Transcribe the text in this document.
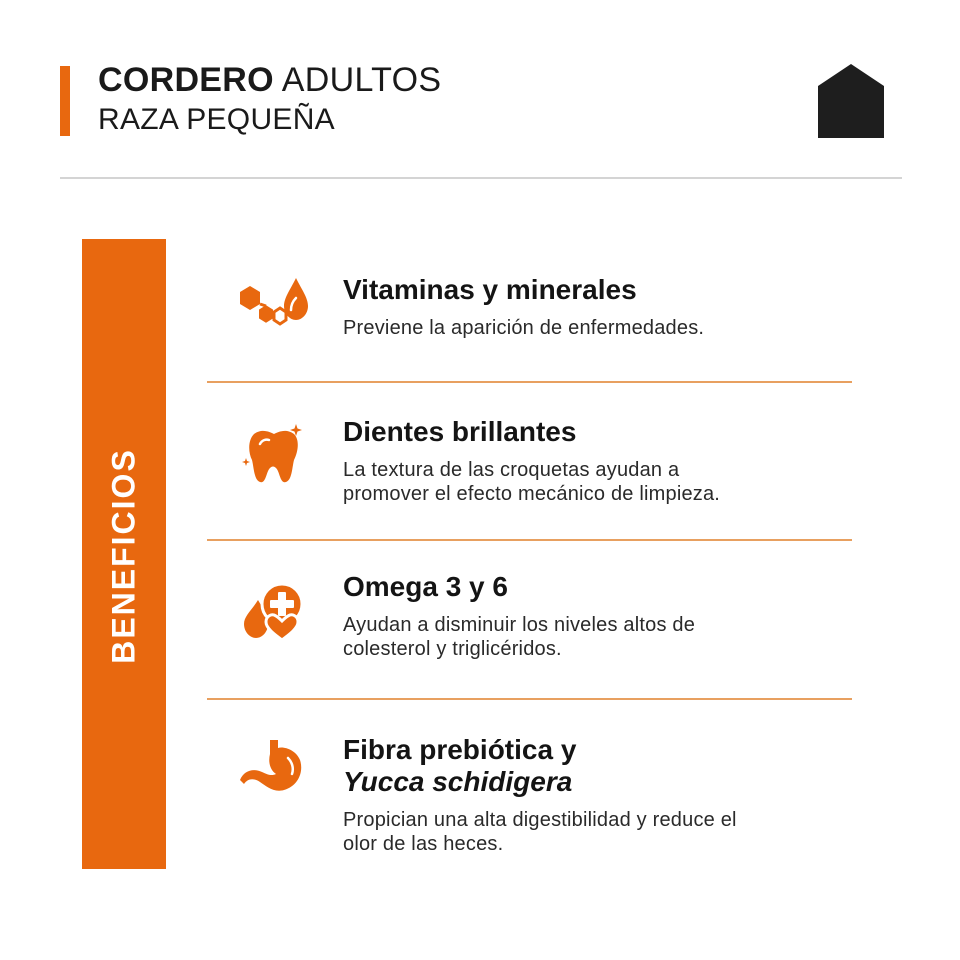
CORDERO ADULTOS
RAZA PEQUEÑA
BENEFICIOS
Vitaminas y minerales
Previene la aparición de enfermedades.
Dientes brillantes
La textura de las croquetas ayudan a
promover el efecto mecánico de limpieza.
Omega 3 y 6
Ayudan a disminuir los niveles altos de
colesterol y triglicéridos.
Fibra prebiótica y
Yucca schidigera
Propician una alta digestibilidad y reduce el
olor de las heces.
